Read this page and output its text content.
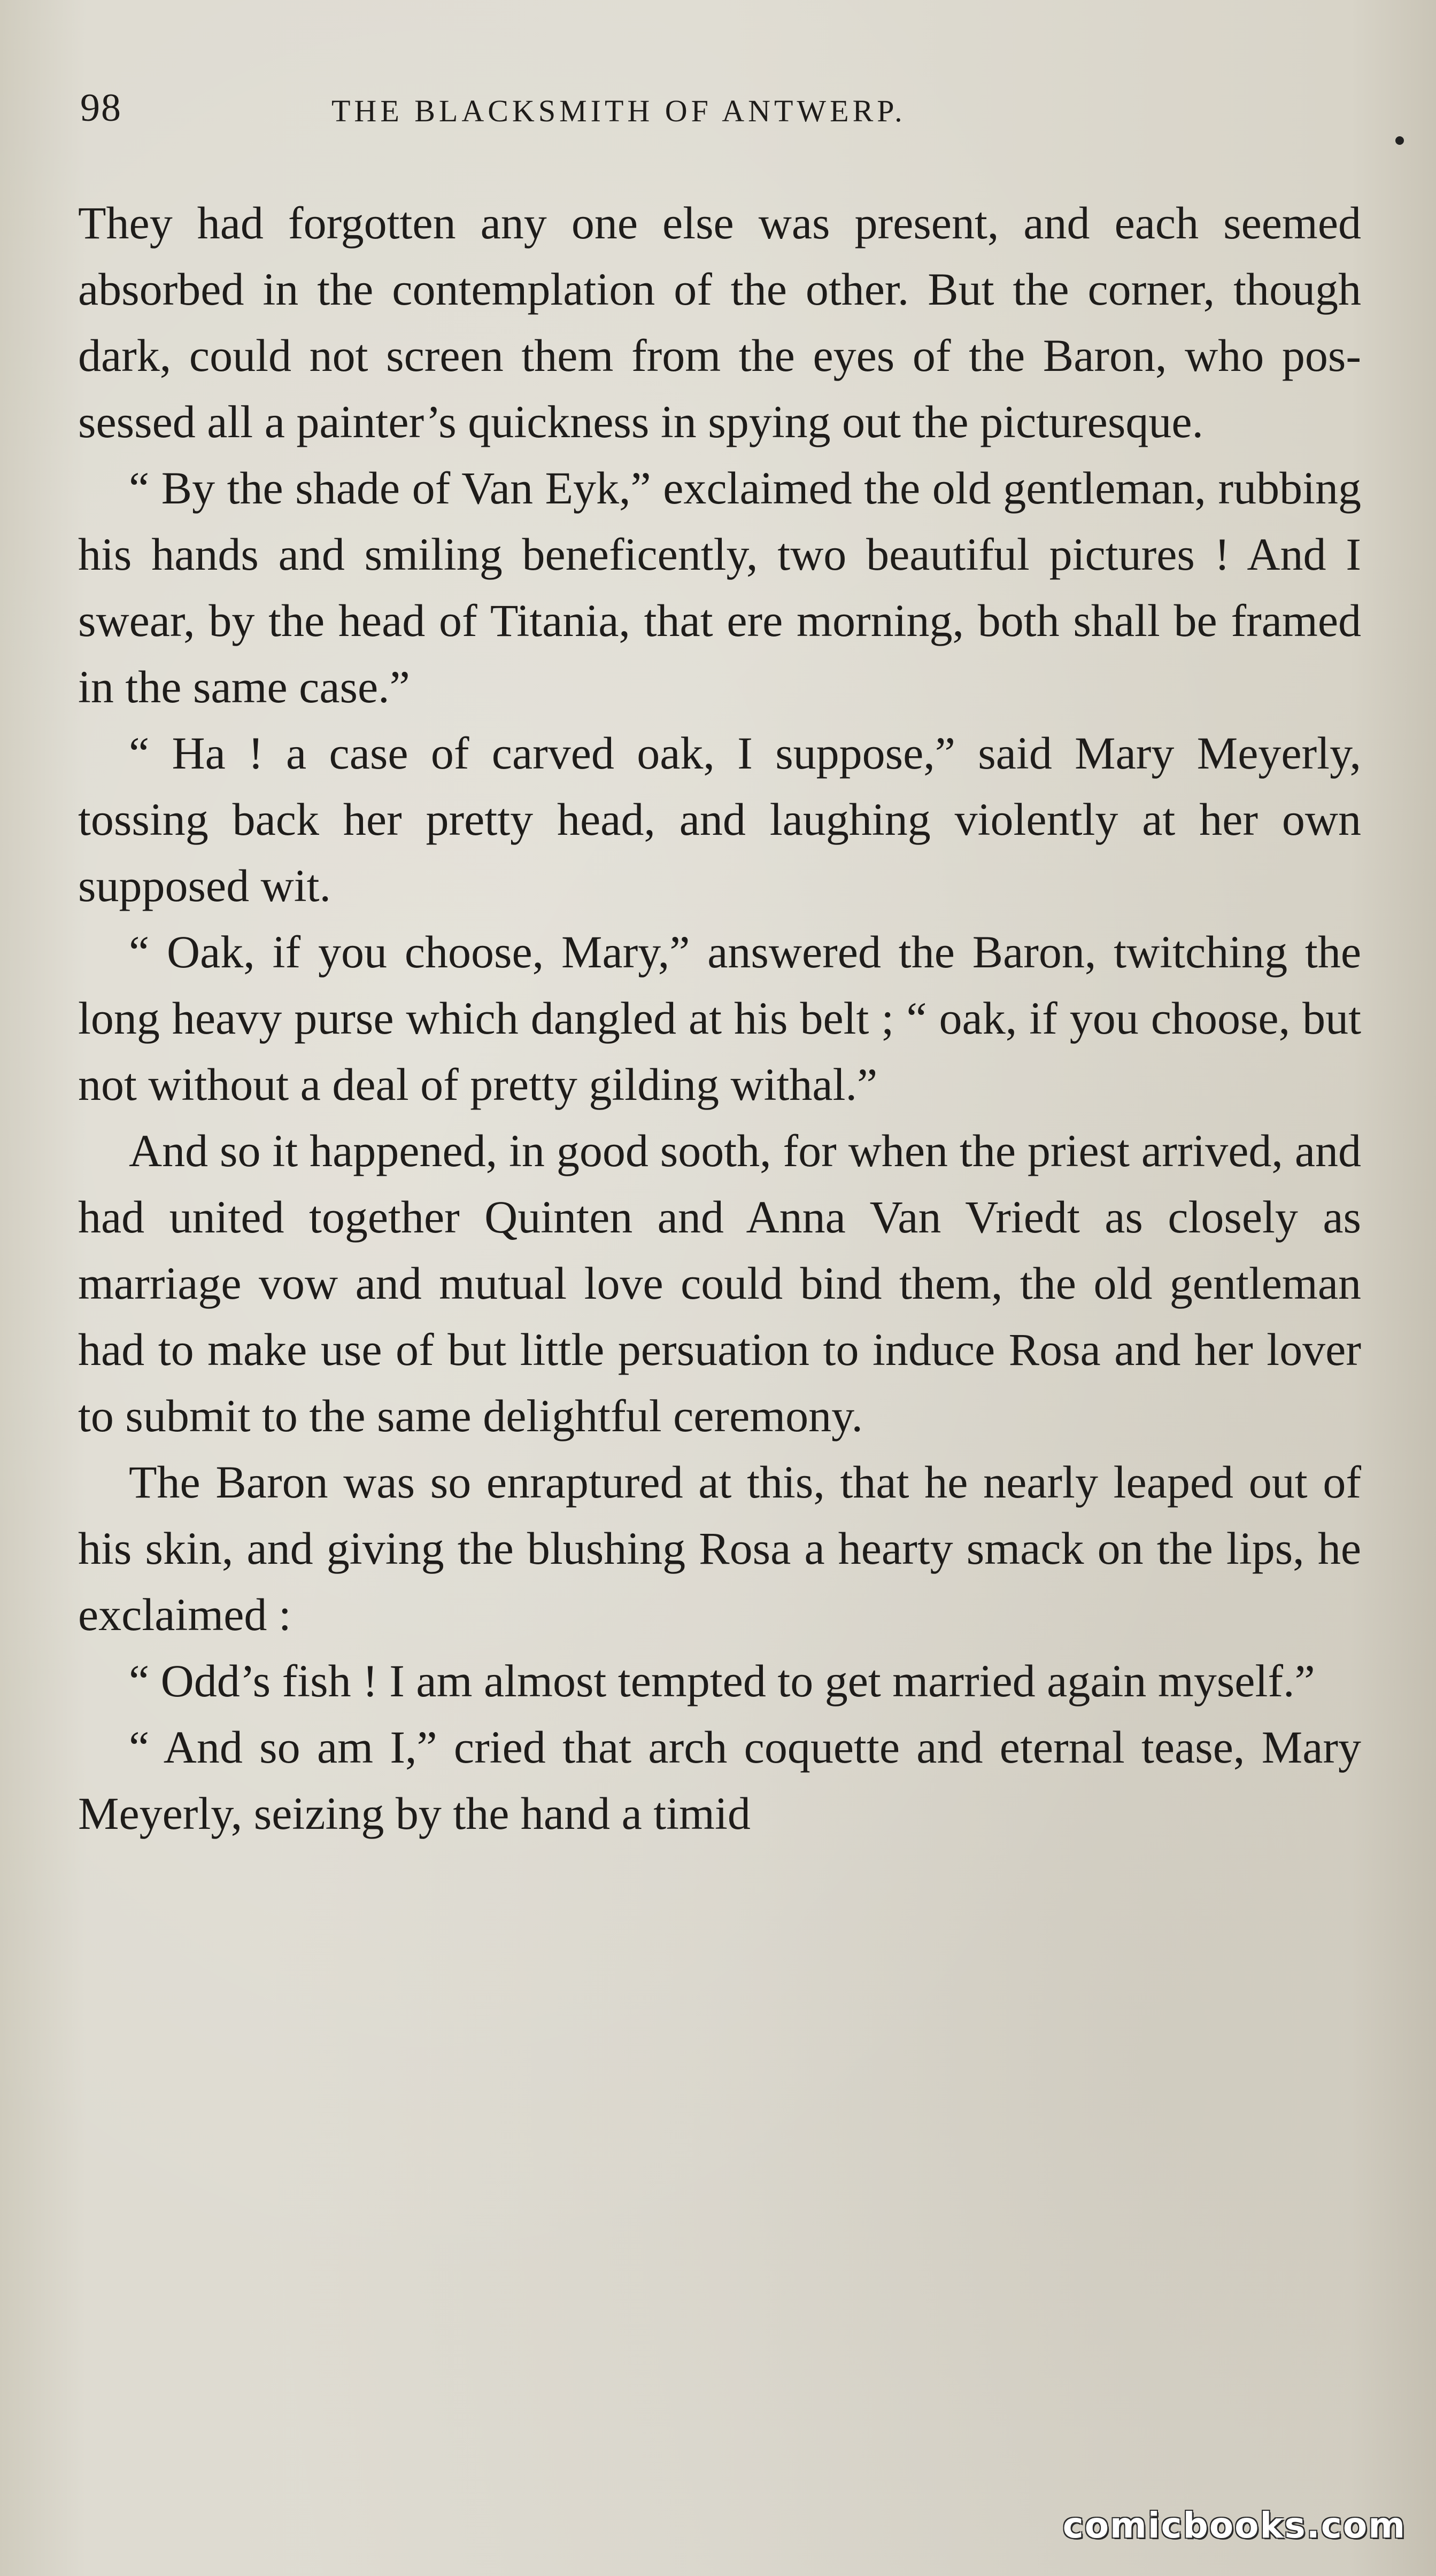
98	THE BLACKSMITH OF ANTWERP.

They had forgotten any one else was present, and each seemed absorbed in the contemplation of the other. But the corner, though dark, could not screen them from the eyes of the Baron, who possessed all a painter’s quickness in spying out the picturesque.

“ By the shade of Van Eyk,” exclaimed the old gentleman, rubbing his hands and smiling beneficently, two beautiful pictures ! And I swear, by the head of Titania, that ere morning, both shall be framed in the same case.”

“ Ha ! a case of carved oak, I suppose,” said Mary Meyerly, tossing back her pretty head, and laughing violently at her own supposed wit.

“ Oak, if you choose, Mary,” answered the Baron, twitching the long heavy purse which dangled at his belt ; “ oak, if you choose, but not without a deal of pretty gilding withal.”

And so it happened, in good sooth, for when the priest arrived, and had united together Quinten and Anna Van Vriedt as closely as marriage vow and mutual love could bind them, the old gentleman had to make use of but little persuation to induce Rosa and her lover to submit to the same delightful ceremony.

The Baron was so enraptured at this, that he nearly leaped out of his skin, and giving the blushing Rosa a hearty smack on the lips, he exclaimed :

“ Odd’s fish ! I am almost tempted to get married again myself.”

“ And so am I,” cried that arch coquette and eternal tease, Mary Meyerly, seizing by the hand a timid

comicbooks.com
